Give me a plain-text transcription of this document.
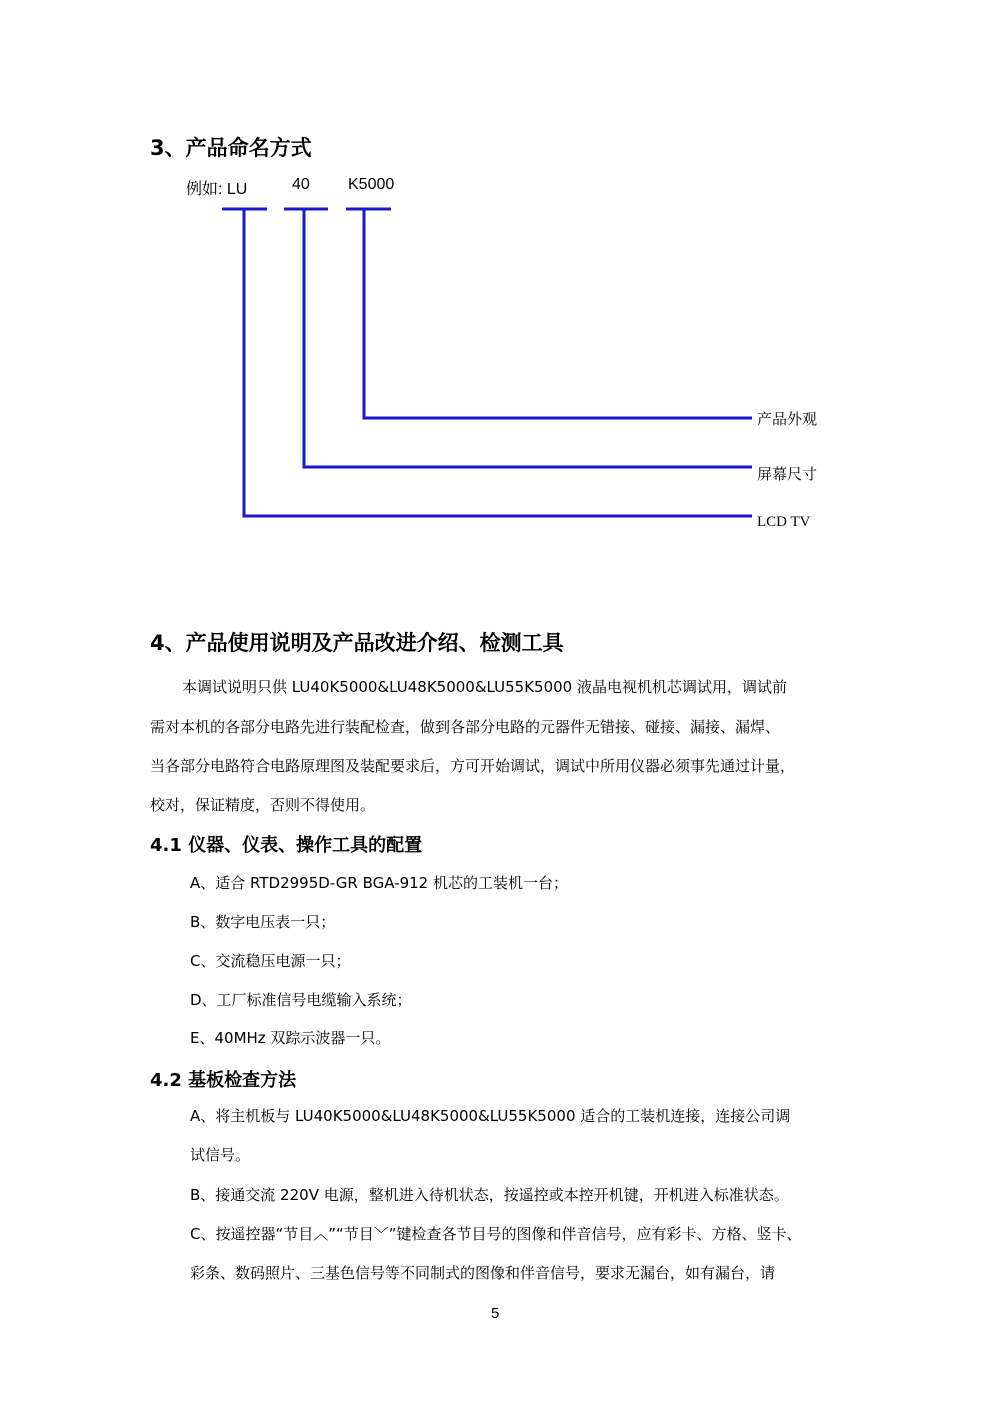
3、产品命名方式
例如: LU	40 K5000
产品外观
屏幕尺寸
LCD TV
4、产品使用说明及产品改进介绍、检测工具
本调试说明只供 LU40K5000&LU48K5000&LU55K5000 液晶电视机机芯调试用，调试前
需对本机的各部分电路先进行装配检查，做到各部分电路的元器件无错接、碰接、漏接、漏焊、
当各部分电路符合电路原理图及装配要求后，方可开始调试，调试中所用仪器必须事先通过计量，
校对，保证精度，否则不得使用。
4.1 仪器、仪表、操作工具的配置
A、适合 RTD2995D-GR BGA-912 机芯的工装机一台；
B、数字电压表一只；
C、交流稳压电源一只；
D、工厂标准信号电缆输入系统；
E、40MHz 双踪示波器一只。
4.2 基板检查方法
A、将主机板与 LU40K5000&LU48K5000&LU55K5000 适合的工装机连接，连接公司调
试信号。
B、接通交流 220V 电源，整机进入待机状态，按遥控或本控开机键，开机进入标准状态。
C、按遥控器“节目︿”“节目﹀”键检查各节目号的图像和伴音信号，应有彩卡、方格、竖卡、
彩条、数码照片、三基色信号等不同制式的图像和伴音信号，要求无漏台，如有漏台，请
5
